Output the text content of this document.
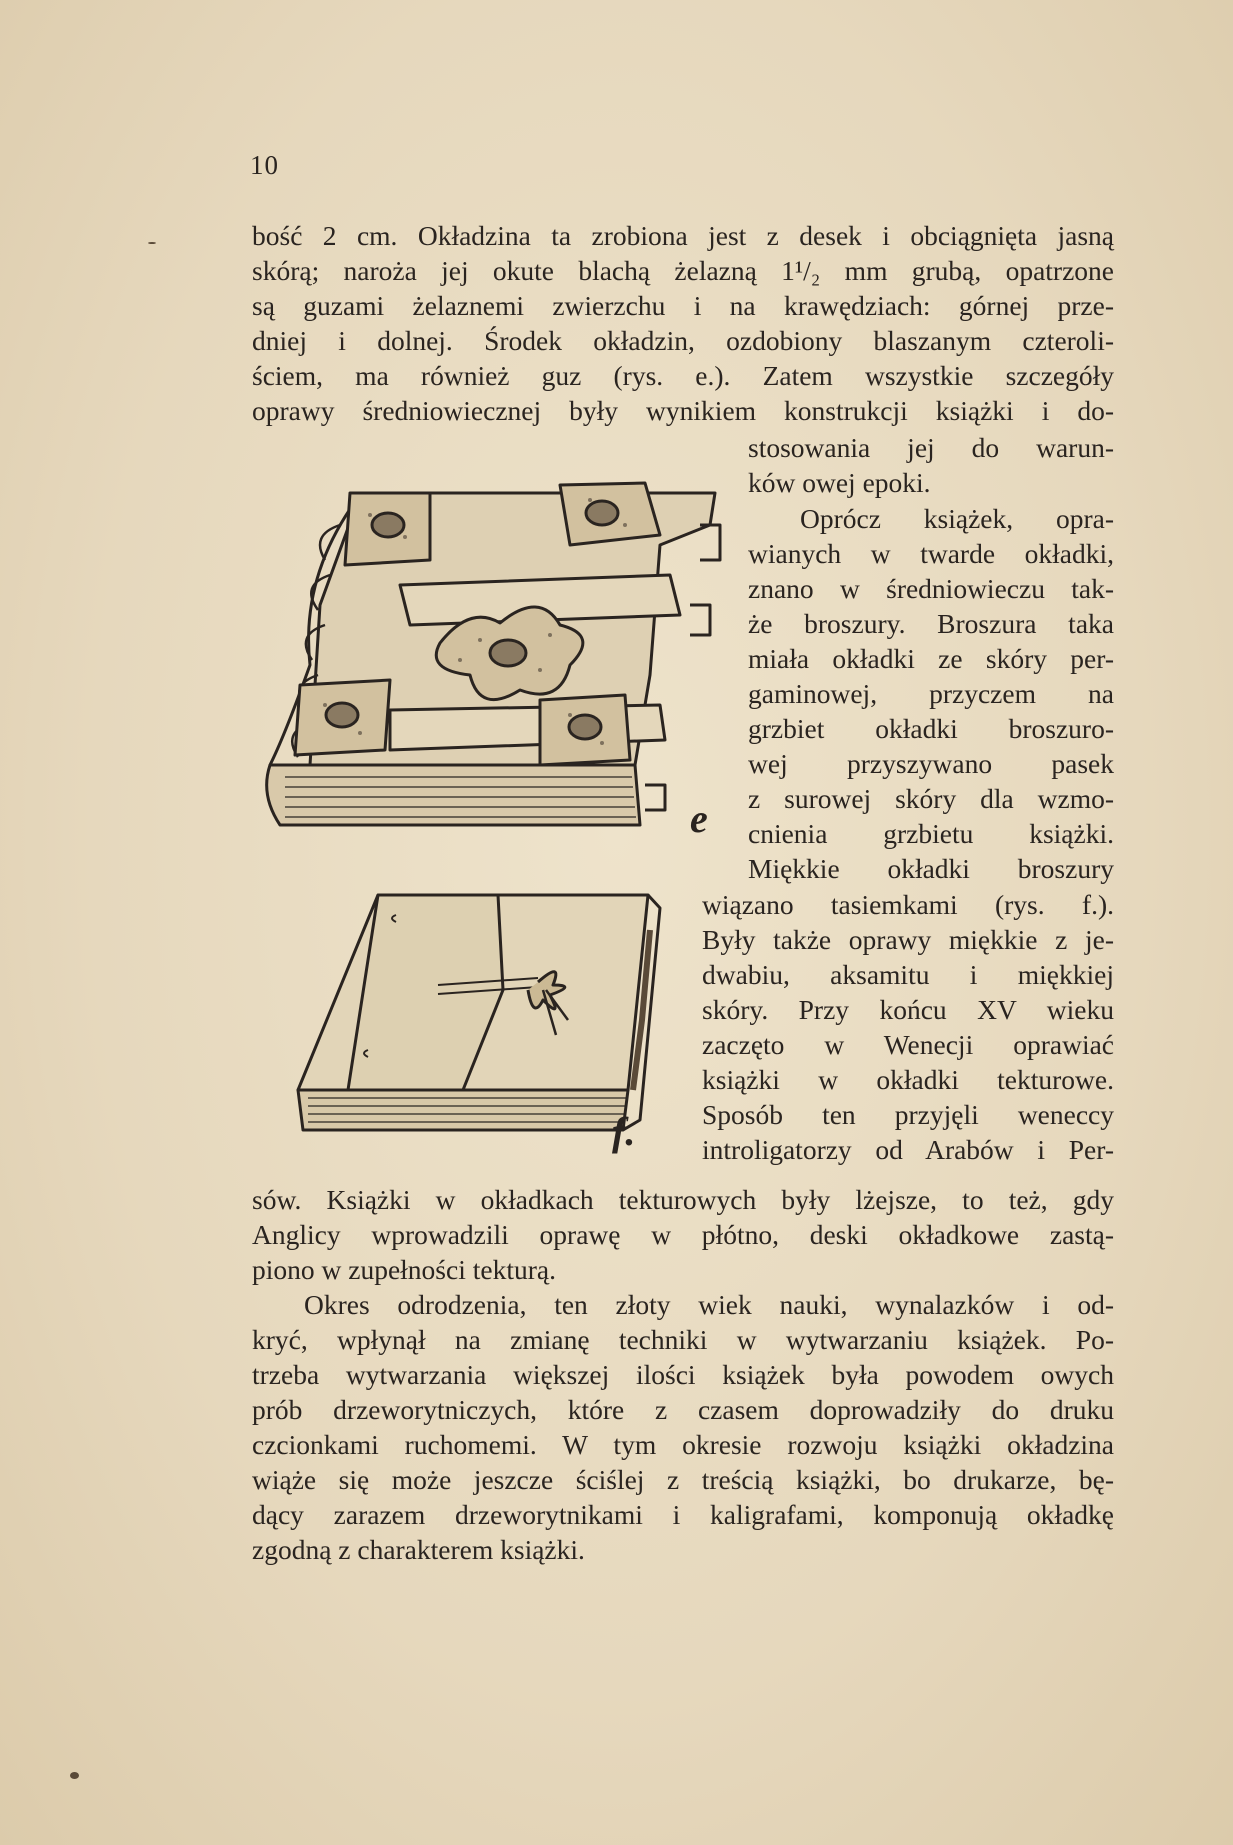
10
bość 2 cm. Okładzina ta zrobiona jest z desek i obciągnięta jasną
skórą; naroża jej okute blachą żelazną 1¹/₂ mm grubą, opatrzone
są guzami żelaznemi zwierzchu i na krawędziach: górnej prze-
dniej i dolnej. Środek okładzin, ozdobiony blaszanym czteroli-
ściem, ma również guz (rys. e.). Zatem wszystkie szczegóły
oprawy średniowiecznej były wynikiem konstrukcji książki i do-
stosowania jej do warun-
ków owej epoki.
Oprócz książek, opra-
wianych w twarde okładki,
znano w średniowieczu tak-
że broszury. Broszura taka
miała okładki ze skóry per-
gaminowej, przyczem na
grzbiet okładki broszuro-
wej przyszywano pasek
z surowej skóry dla wzmo-
cnienia grzbietu książki.
Miękkie okładki broszury
wiązano tasiemkami (rys. f.).
Były także oprawy miękkie z je-
dwabiu, aksamitu i miękkiej
skóry. Przy końcu XV wieku
zaczęto w Wenecji oprawiać
książki w okładki tekturowe.
Sposób ten przyjęli weneccy
introligatorzy od Arabów i Per-
sów. Książki w okładkach tekturowych były lżejsze, to też, gdy
Anglicy wprowadzili oprawę w płótno, deski okładkowe zastą-
piono w zupełności tekturą.
Okres odrodzenia, ten złoty wiek nauki, wynalazków i od-
kryć, wpłynął na zmianę techniki w wytwarzaniu książek. Po-
trzeba wytwarzania większej ilości książek była powodem owych
prób drzeworytniczych, które z czasem doprowadziły do druku
czcionkami ruchomemi. W tym okresie rozwoju książki okładzina
wiąże się może jeszcze ściślej z treścią książki, bo drukarze, bę-
dący zarazem drzeworytnikami i kaligrafami, komponują okładkę
zgodną z charakterem książki.
e
f.
